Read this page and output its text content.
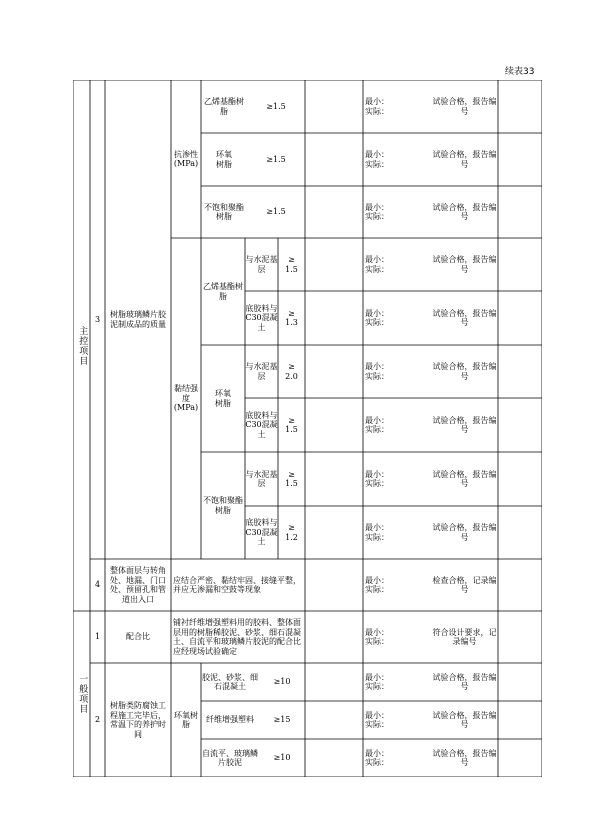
续表33
主控项目
一般项目
3
树脂玻璃鳞片胶泥制成品的质量
抗渗性
(MPa)
黏结强度
(MPa)
乙烯基酯树脂
≥1.5
最小：
实际：
试验合格，报告编号
环氧
树脂
≥1.5
最小：
实际：
试验合格，报告编号
不饱和聚酯树脂
≥1.5
最小：
实际：
试验合格，报告编号
乙烯基酯树脂
环氧
树脂
不饱和聚酯树脂
与水泥基层
≥
1.5
最小：
实际：
试验合格，报告编号
底胶料与C30混凝土
≥
1.3
最小：
实际：
试验合格，报告编号
与水泥基层
≥
2.0
最小：
实际：
试验合格，报告编号
底胶料与C30混凝土
≥
1.5
最小：
实际：
试验合格，报告编号
与水泥基层
≥
1.5
最小：
实际：
试验合格，报告编号
底胶料与C30混凝土
≥
1.2
最小：
实际：
试验合格，报告编号
4
整体面层与转角处、地漏、门口处、预留孔和管道出入口
应结合严密、黏结牢固、接缝平整，并应无渗漏和空鼓等现象
最小：
实际：
检查合格，记录编号
1	配合比
铺衬纤维增强塑料用的胶料、整体面层用的树脂稀胶泥、砂浆、细石混凝土、自流平和玻璃鳞片胶泥的配合比应经现场试验确定
最小：
实际：
符合设计要求，记录编号
2
树脂类防腐蚀工程施工完毕后，常温下的养护时间
环氧树脂
胶泥、砂浆、细石混凝土
≥10
最小：
实际：
试验合格，报告编号
纤维增强塑料	≥15
最小：
实际：
试验合格，报告编号
自流平、玻璃鳞片胶泥
≥10
最小：
实际：
试验合格，报告编号
